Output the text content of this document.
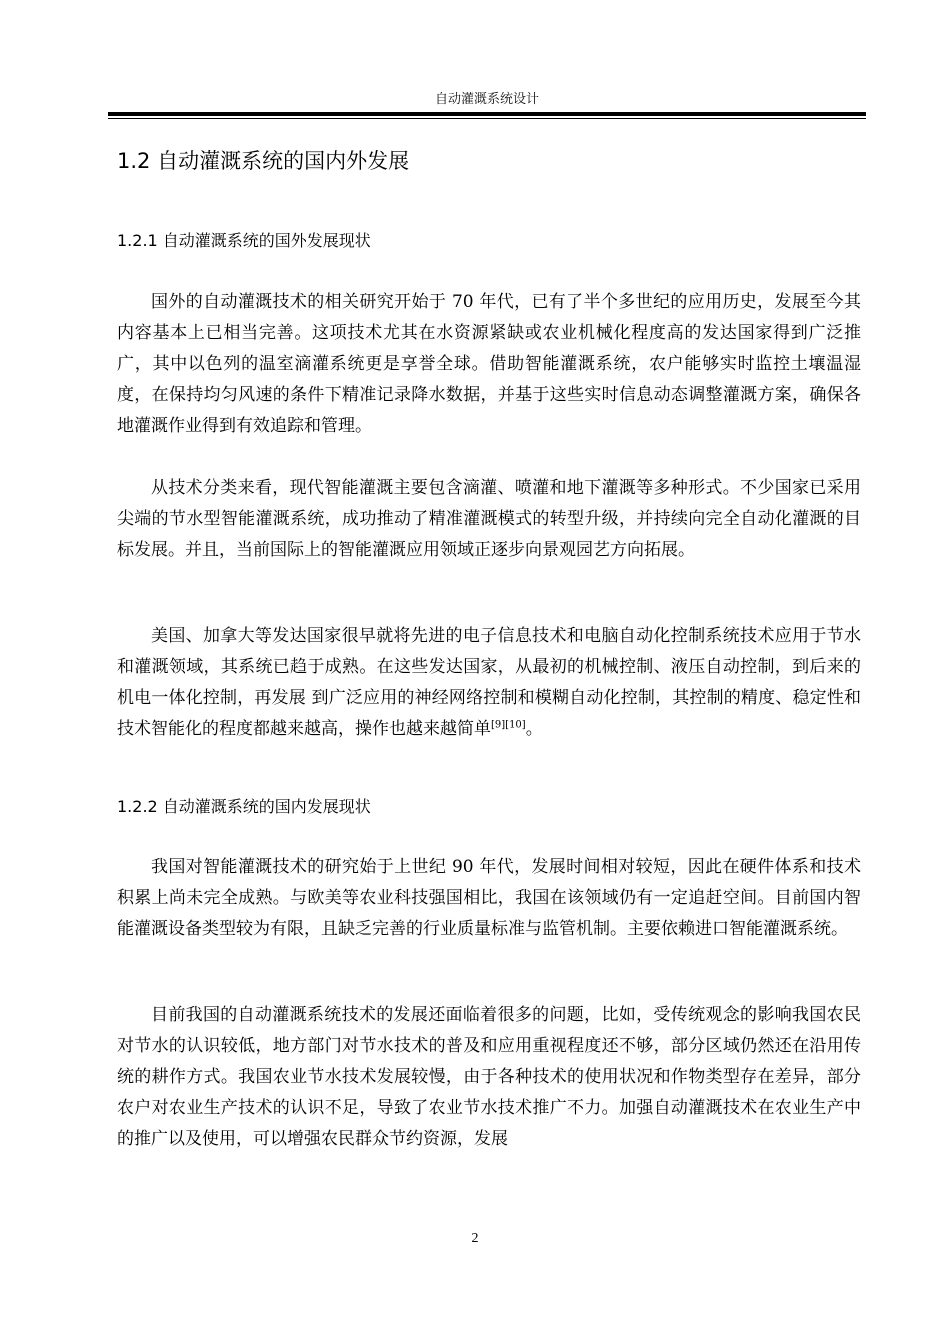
自动灌溉系统设计
1.2 自动灌溉系统的国内外发展
1.2.1 自动灌溉系统的国外发展现状

国外的自动灌溉技术的相关研究开始于 70 年代，已有了半个多世纪的应用历史，发展至今其内容基本上已相当完善。这项技术尤其在水资源紧缺或农业机械化程度高的发达国家得到广泛推广，其中以色列的温室滴灌系统更是享誉全球。借助智能灌溉系统，农户能够实时监控土壤温湿度，在保持均匀风速的条件下精准记录降水数据，并基于这些实时信息动态调整灌溉方案，确保各地灌溉作业得到有效追踪和管理。

从技术分类来看，现代智能灌溉主要包含滴灌、喷灌和地下灌溉等多种形式。不少国家已采用尖端的节水型智能灌溉系统，成功推动了精准灌溉模式的转型升级，并持续向完全自动化灌溉的目标发展。并且，当前国际上的智能灌溉应用领域正逐步向景观园艺方向拓展。

美国、加拿大等发达国家很早就将先进的电子信息技术和电脑自动化控制系统技术应用于节水和灌溉领域，其系统已趋于成熟。在这些发达国家，从最初的机械控制、液压自动控制，到后来的机电一体化控制，再发展 到广泛应用的神经网络控制和模糊自动化控制，其控制的精度、稳定性和技术智能化的程度都越来越高，操作也越来越简单[9][10]。

1.2.2 自动灌溉系统的国内发展现状

我国对智能灌溉技术的研究始于上世纪 90 年代，发展时间相对较短，因此在硬件体系和技术积累上尚未完全成熟。与欧美等农业科技强国相比，我国在该领域仍有一定追赶空间。目前国内智能灌溉设备类型较为有限，且缺乏完善的行业质量标准与监管机制。主要依赖进口智能灌溉系统。

目前我国的自动灌溉系统技术的发展还面临着很多的问题，比如，受传统观念的影响我国农民对节水的认识较低，地方部门对节水技术的普及和应用重视程度还不够，部分区域仍然还在沿用传统的耕作方式。我国农业节水技术发展较慢，由于各种技术的使用状况和作物类型存在差异，部分农户对农业生产技术的认识不足，导致了农业节水技术推广不力。加强自动灌溉技术在农业生产中的推广以及使用，可以增强农民群众节约资源，发展

2
